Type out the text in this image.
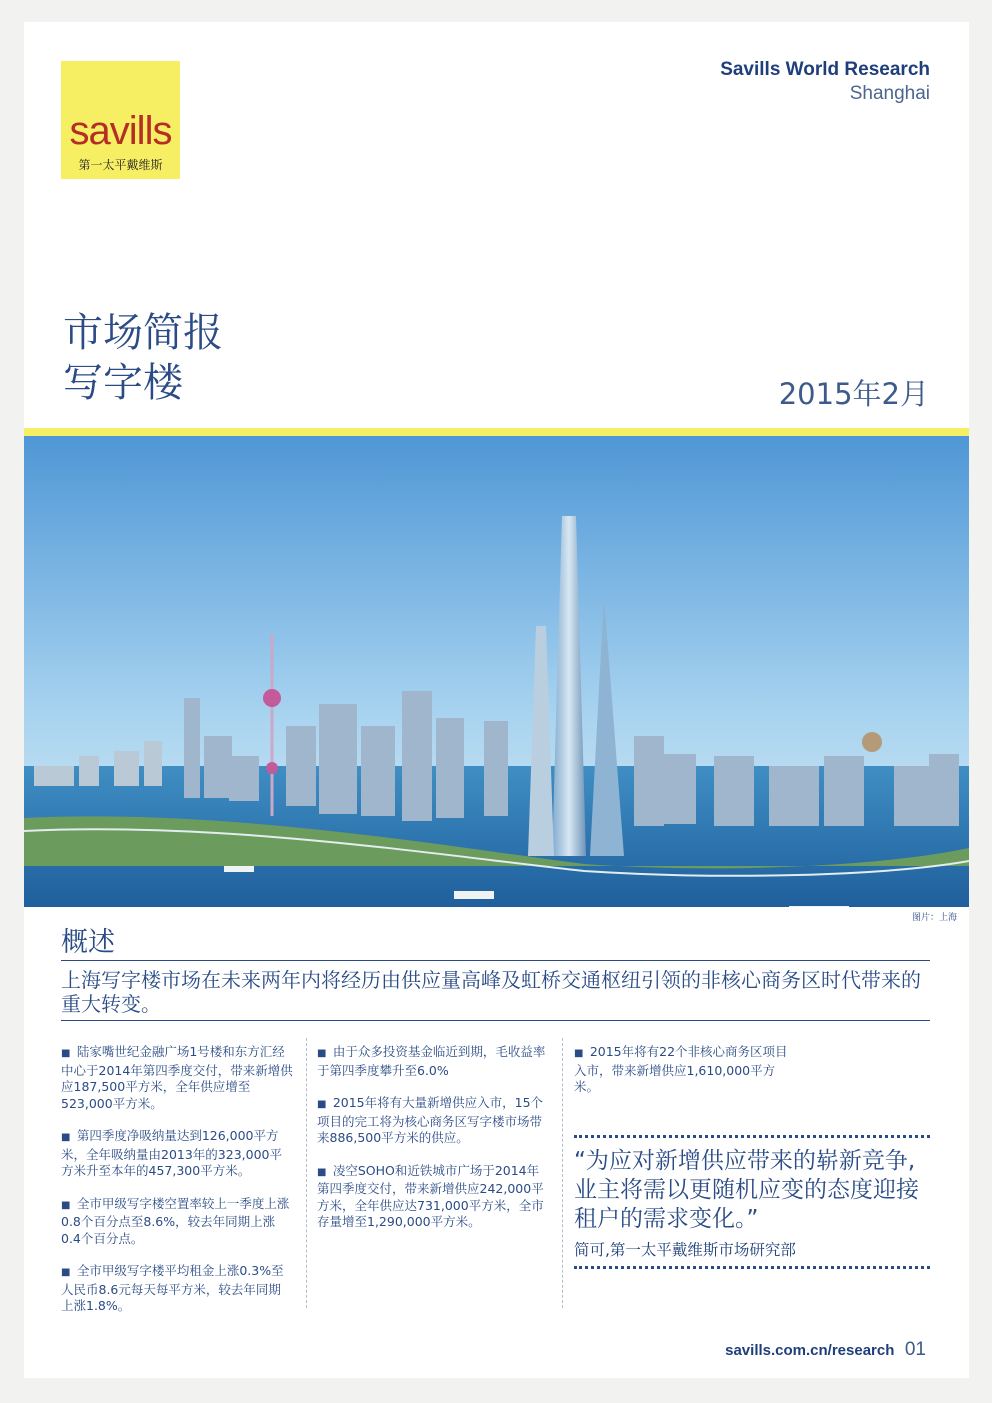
savills
第一太平戴维斯
Savills World Research
Shanghai
市场简报
写字楼	2015年2月
图片：上海
概述
上海写字楼市场在未来两年内将经历由供应量高峰及虹桥交通枢纽引领的非核心商务区时代带来的重大转变。

■  陆家嘴世纪金融广场1号楼和东方汇经中心于2014年第四季度交付，带来新增供应187,500平方米，全年供应增至523,000平方米。

■  第四季度净吸纳量达到126,000平方米，全年吸纳量由2013年的323,000平方米升至本年的457,300平方米。

■  全市甲级写字楼空置率较上一季度上涨0.8个百分点至8.6%，较去年同期上涨0.4个百分点。

■  全市甲级写字楼平均租金上涨0.3%至人民币8.6元每天每平方米，较去年同期上涨1.8%。

■  由于众多投资基金临近到期，毛收益率于第四季度攀升至6.0%

■  2015年将有大量新增供应入市，15个项目的完工将为核心商务区写字楼市场带来886,500平方米的供应。

■  凌空SOHO和近铁城市广场于2014年第四季度交付，带来新增供应242,000平方米，全年供应达731,000平方米，全市存量增至1,290,000平方米。

■  2015年将有22个非核心商务区项目入市，带来新增供应1,610,000平方米。

“为应对新增供应带来的崭新竞争, 业主将需以更随机应变的态度迎接租户的需求变化。”
简可,第一太平戴维斯市场研究部
savills.com.cn/research 01
